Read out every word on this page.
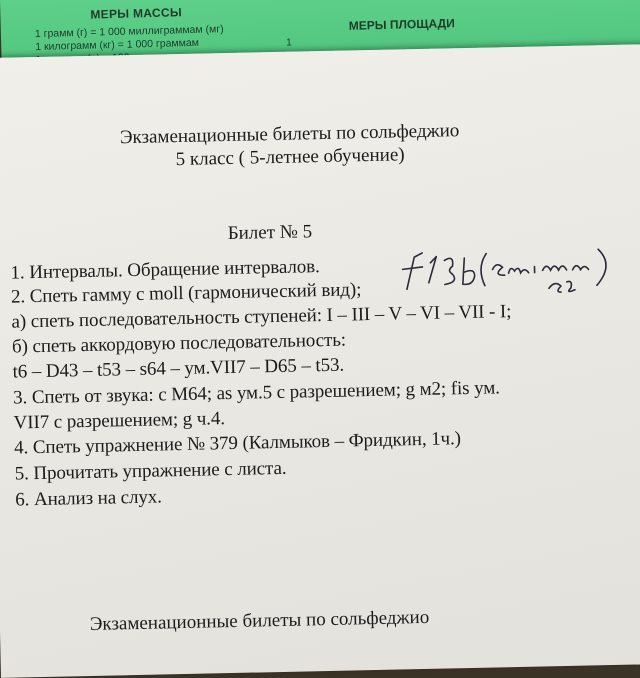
МЕРЫ МАССЫ
1 грамм (г) = 1 000 миллиграммам (мг)
1 килограмм (кг) = 1 000 граммам
МЕРЫ ПЛОЩАДИ
1
Экзаменационные билеты по сольфеджио
5 класс ( 5-летнее обучение)
Билет № 5
1. Интервалы. Обращение интервалов.
2. Спеть гамму с moll (гармонический вид);
а) спеть последовательность ступеней: I – III – V – VI – VII - I;
б) спеть аккордовую последовательность:
t6 – D43 – t53 – s64 – ум.VII7 – D65 – t53.
3. Спеть от звука: с М64; as ум.5 с разрешением; g м2; fis ум.
VII7 с разрешением; g ч.4.
4. Спеть упражнение № 379 (Калмыков – Фридкин, 1ч.)
5. Прочитать упражнение с листа.
6. Анализ на слух.
Экзаменационные билеты по сольфеджио
